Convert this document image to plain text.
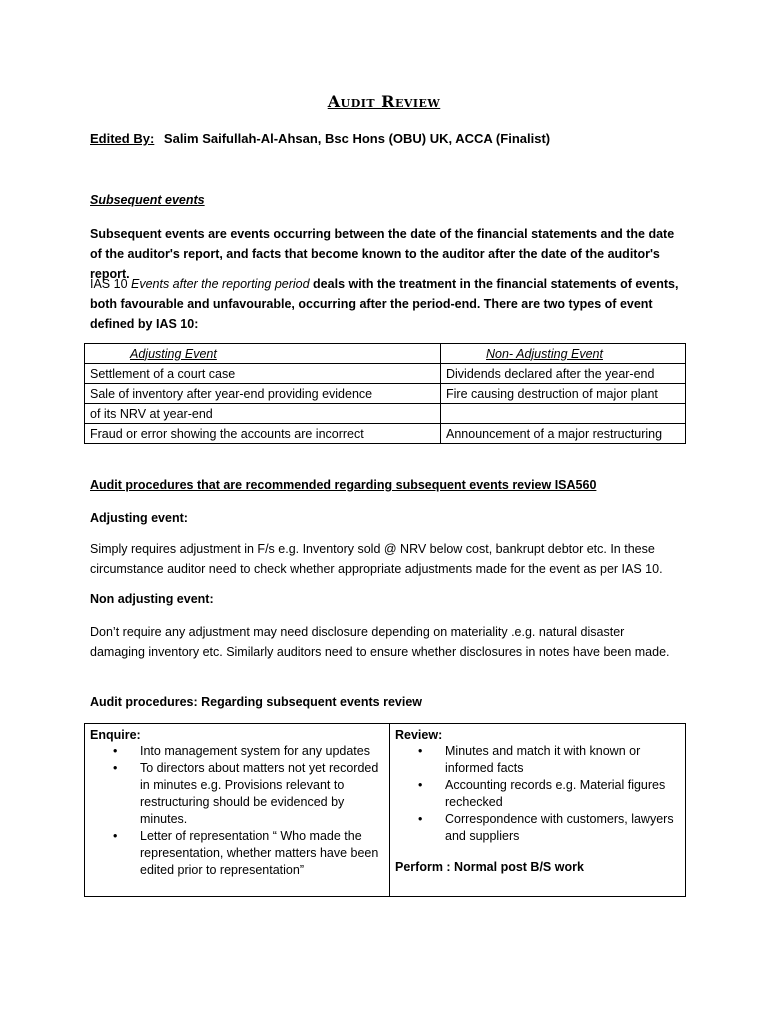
Audit Review
Edited By: Salim Saifullah-Al-Ahsan, Bsc Hons (OBU) UK, ACCA (Finalist)
Subsequent events
Subsequent events are events occurring between the date of the financial statements and the date of the auditor's report, and facts that become known to the auditor after the date of the auditor's report.
IAS 10 Events after the reporting period deals with the treatment in the financial statements of events, both favourable and unfavourable, occurring after the period-end. There are two types of event defined by IAS 10:
Adjusting Event	Non- Adjusting Event
Settlement of a court case	Dividends declared after the year-end
Sale of inventory after year-end providing evidence	Fire causing destruction of major plant
of its NRV at year-end	
Fraud or error showing the accounts are incorrect	Announcement of a major restructuring
Audit procedures that are recommended regarding subsequent events review ISA560
Adjusting event:
Simply requires adjustment in F/s e.g. Inventory sold @ NRV below cost, bankrupt debtor etc. In these circumstance auditor need to check whether appropriate adjustments made for the event as per IAS 10.
Non adjusting event:
Don’t require any adjustment may need disclosure depending on materiality .e.g. natural disaster damaging inventory etc. Similarly auditors need to ensure whether disclosures in notes have been made.
Audit procedures: Regarding subsequent events review
Enquire:
• Into management system for any updates
• To directors about matters not yet recorded in minutes e.g. Provisions relevant to restructuring should be evidenced by minutes.
• Letter of representation “ Who made the representation, whether matters have been edited prior to representation”

Review:
• Minutes and match it with known or informed facts
• Accounting records e.g. Material figures rechecked
• Correspondence with customers, lawyers and suppliers
Perform : Normal post B/S work
